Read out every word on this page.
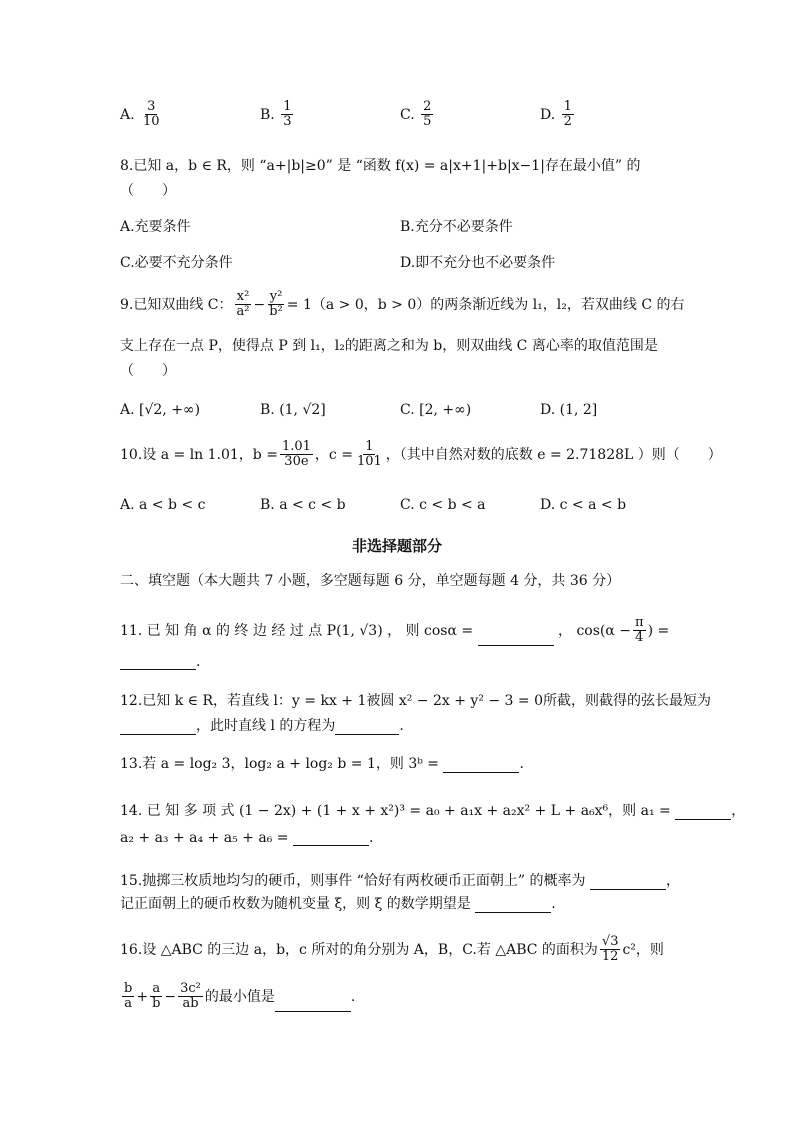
A. $\frac{3}{10}$	B. $\frac{1}{3}$	C. $\frac{2}{5}$	D. $\frac{1}{2}$
8.已知 a，b ∈ R，则 “a+|b|≥0” 是 “函数 f(x) = a|x+1|+b|x−1|存在最小值” 的
（　　）
A.充要条件	B.充分不必要条件
C.必要不充分条件	D.即不充分也不必要条件
9.已知双曲线 C： $\frac{\text{x²}}{\text{a²}} - \frac{\text{y²}}{\text{b²}} = 1(a > 0$，b > 0）的两条渐近线为 l₁，l₂，若双曲线 C 的右
支上存在一点 P，使得点 P 到 l₁，l₂的距离之和为 b，则双曲线 C 离心率的取值范围是
（　　）
A. [√2, +∞)	B. (1, √2]	C. [2, +∞)	D. (1, 2]
10.设 a = ln 1.01，$b = \frac{1.01}{30e}$ ，$c = \frac{1}{101}$ ，（其中自然对数的底数 e = 2.71828L ）则（　　）
A. a < b < c	B. a < c < b	C. c < b < a	D. c < a < b
非选择题部分
二、填空题（本大题共 7 小题，多空题每题 6 分，单空题每题 4 分，共 36 分）
11. 已 知 角 α 的 终 边 经 过 点 P(1, √3) ， 则 cosα =	， $\cos(\alpha - \frac{\pi}{4}$ ) =
.
12.已知 k ∈ R，若直线 l：y = kx + 1被圆 x² − 2x + y² − 3 = 0所截，则截得的弦长最短为
，此时直线 l 的方程为	.
13.若 a = log₂ 3，log₂ a + log₂ b = 1，则 3ᵇ =	.
14. 已 知 多 项 式 (1 − 2x) + (1 + x + x²)³ = a₀ + a₁x + a₂x² + L + a₆x⁶，则 a₁ =	，
a₂ + a₃ + a₄ + a₅ + a₆ =	.
15.抛掷三枚质地均匀的硬币，则事件 “恰好有两枚硬币正面朝上” 的概率为	，
记正面朝上的硬币枚数为随机变量 ξ，则 ξ 的数学期望是	.
16.设 △ABC 的三边 a，b，c 所对的角分别为 A，B，C.若 △ABC 的面积为 $\frac{√3}{12} c^2$，则
$\frac{b}{a} + \frac{a}{b} - \frac{\text{3c²}}{ab}$ 的最小值是	.
